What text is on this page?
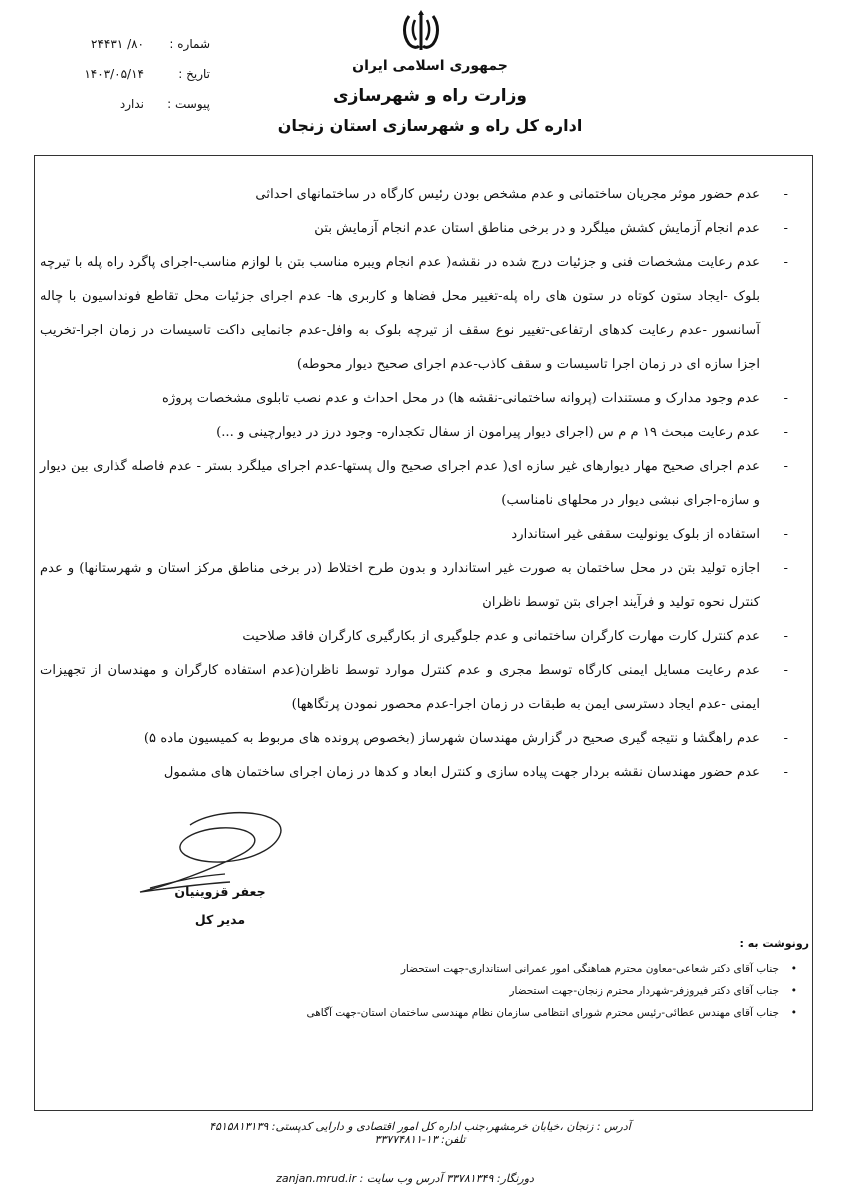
جمهوری اسلامی ایران
وزارت راه و شهرسازی
اداره کل راه و شهرسازی استان زنجان
شماره :
۸۰/ ۲۴۴۳۱
تاریخ :
۱۴۰۳/۰۵/۱۴
پیوست :
ندارد
-
عدم حضور موثر مجریان ساختمانی و عدم مشخص بودن رئیس کارگاه در ساختمانهای احداثی
-
عدم انجام آزمایش کشش میلگرد و در برخی مناطق استان عدم انجام آزمایش بتن
-
عدم رعایت مشخصات فنی و جزئیات درج شده در نقشه( عدم انجام ویبره مناسب بتن با لوازم مناسب-اجرای پاگرد راه پله با تیرچه بلوک -ایجاد ستون کوتاه در ستون های راه پله-تغییر محل فضاها و کاربری ها- عدم اجرای جزئیات محل تقاطع فونداسیون با چاله آسانسور -عدم رعایت کدهای ارتفاعی-تغییر نوع سقف از تیرچه بلوک به وافل-عدم جانمایی داکت تاسیسات در زمان اجرا-تخریب اجزا سازه ای در زمان اجرا تاسیسات و سقف کاذب-عدم اجرای صحیح دیوار محوطه)
-
عدم وجود مدارک و مستندات (پروانه ساختمانی-نقشه ها) در محل احداث و عدم نصب تابلوی مشخصات پروژه
-
عدم رعایت مبحث ۱۹ م م س (اجرای دیوار پیرامون از سفال تکجداره- وجود درز در دیوارچینی و ...)
-
عدم اجرای صحیح مهار دیوارهای غیر سازه ای( عدم اجرای صحیح وال پستها-عدم اجرای میلگرد بستر - عدم فاصله گذاری بین دیوار و سازه-اجرای نبشی دیوار در محلهای نامناسب)
-
استفاده از بلوک یونولیت سقفی غیر استاندارد
-
اجازه تولید بتن در محل ساختمان به صورت غیر استاندارد و بدون طرح اختلاط (در برخی مناطق مرکز استان و شهرستانها) و عدم کنترل نحوه تولید و فرآیند اجرای بتن توسط ناظران
-
عدم کنترل کارت مهارت کارگران ساختمانی و عدم جلوگیری از بکارگیری کارگران فاقد صلاحیت
-
عدم رعایت مسایل ایمنی کارگاه توسط مجری و عدم کنترل موارد توسط ناظران(عدم استفاده کارگران و مهندسان از تجهیزات ایمنی -عدم ایجاد دسترسی ایمن به طبقات در زمان اجرا-عدم محصور نمودن پرتگاهها)
-
عدم راهگشا و نتیجه گیری صحیح در گزارش مهندسان شهرساز (بخصوص پرونده های مربوط به کمیسیون ماده ۵)
-
عدم حضور مهندسان نقشه بردار جهت پیاده سازی و کنترل ابعاد و کدها در زمان اجرای ساختمان های مشمول
جعفر قزوینیان
مدیر کل
رونوشت به :
•
جناب آقای دکتر شعاعی-معاون محترم هماهنگی امور عمرانی استانداری-جهت استحضار
•
جناب آقای دکتر فیروزفر-شهردار محترم زنجان-جهت استحضار
•
جناب آقای مهندس عطائی-رئیس محترم شورای انتظامی سازمان نظام مهندسی ساختمان استان-جهت آگاهی
آدرس : زنجان ،خیابان خرمشهر،جنب اداره کل امور اقتصادی و دارایی کدپستی: ۴۵۱۵۸۱۳۱۳۹ تلفن: ۱۳-۳۳۷۷۴۸۱۱
دورنگار: ۳۳۷۸۱۳۴۹ آدرس وب سایت : zanjan.mrud.ir
